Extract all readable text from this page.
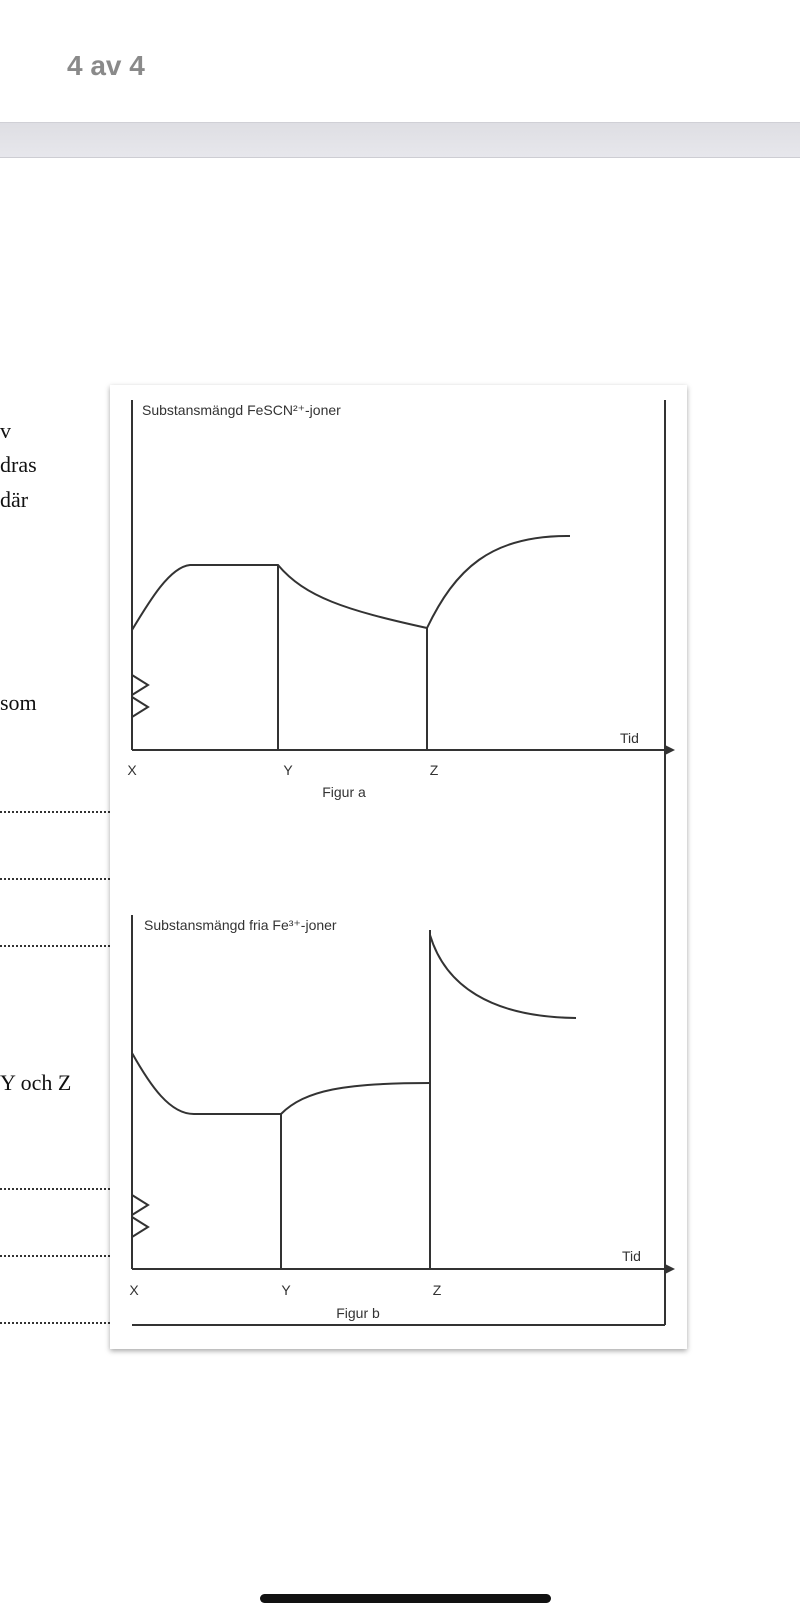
4 av 4
v
dras
där
som
Y och Z
Substansmängd FeSCN²⁺-joner
Tid
X	Y	Z
Figur a
Substansmängd fria Fe³⁺-joner
Tid
X	Y	Z
Figur b
